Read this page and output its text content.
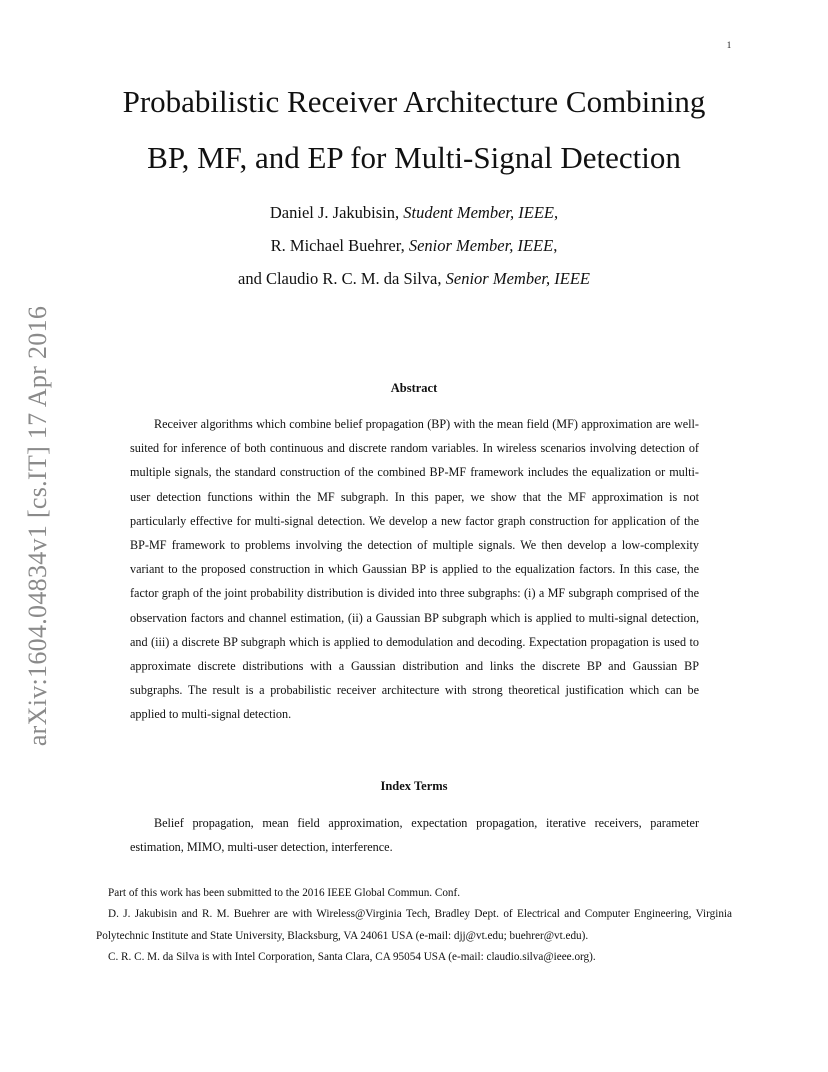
1
arXiv:1604.04834v1 [cs.IT] 17 Apr 2016
Probabilistic Receiver Architecture Combining
BP, MF, and EP for Multi-Signal Detection
Daniel J. Jakubisin, Student Member, IEEE,
R. Michael Buehrer, Senior Member, IEEE,
and Claudio R. C. M. da Silva, Senior Member, IEEE
Abstract

Receiver algorithms which combine belief propagation (BP) with the mean field (MF) approximation are well-suited for inference of both continuous and discrete random variables. In wireless scenarios involving detection of multiple signals, the standard construction of the combined BP-MF framework includes the equalization or multi-user detection functions within the MF subgraph. In this paper, we show that the MF approximation is not particularly effective for multi-signal detection. We develop a new factor graph construction for application of the BP-MF framework to problems involving the detection of multiple signals. We then develop a low-complexity variant to the proposed construction in which Gaussian BP is applied to the equalization factors. In this case, the factor graph of the joint probability distribution is divided into three subgraphs: (i) a MF subgraph comprised of the observation factors and channel estimation, (ii) a Gaussian BP subgraph which is applied to multi-signal detection, and (iii) a discrete BP subgraph which is applied to demodulation and decoding. Expectation propagation is used to approximate discrete distributions with a Gaussian distribution and links the discrete BP and Gaussian BP subgraphs. The result is a probabilistic receiver architecture with strong theoretical justification which can be applied to multi-signal detection.

Index Terms

Belief propagation, mean field approximation, expectation propagation, iterative receivers, parameter estimation, MIMO, multi-user detection, interference.

Part of this work has been submitted to the 2016 IEEE Global Commun. Conf.

D. J. Jakubisin and R. M. Buehrer are with Wireless@Virginia Tech, Bradley Dept. of Electrical and Computer Engineering, Virginia Polytechnic Institute and State University, Blacksburg, VA 24061 USA (e-mail: djj@vt.edu; buehrer@vt.edu).

C. R. C. M. da Silva is with Intel Corporation, Santa Clara, CA 95054 USA (e-mail: claudio.silva@ieee.org).
